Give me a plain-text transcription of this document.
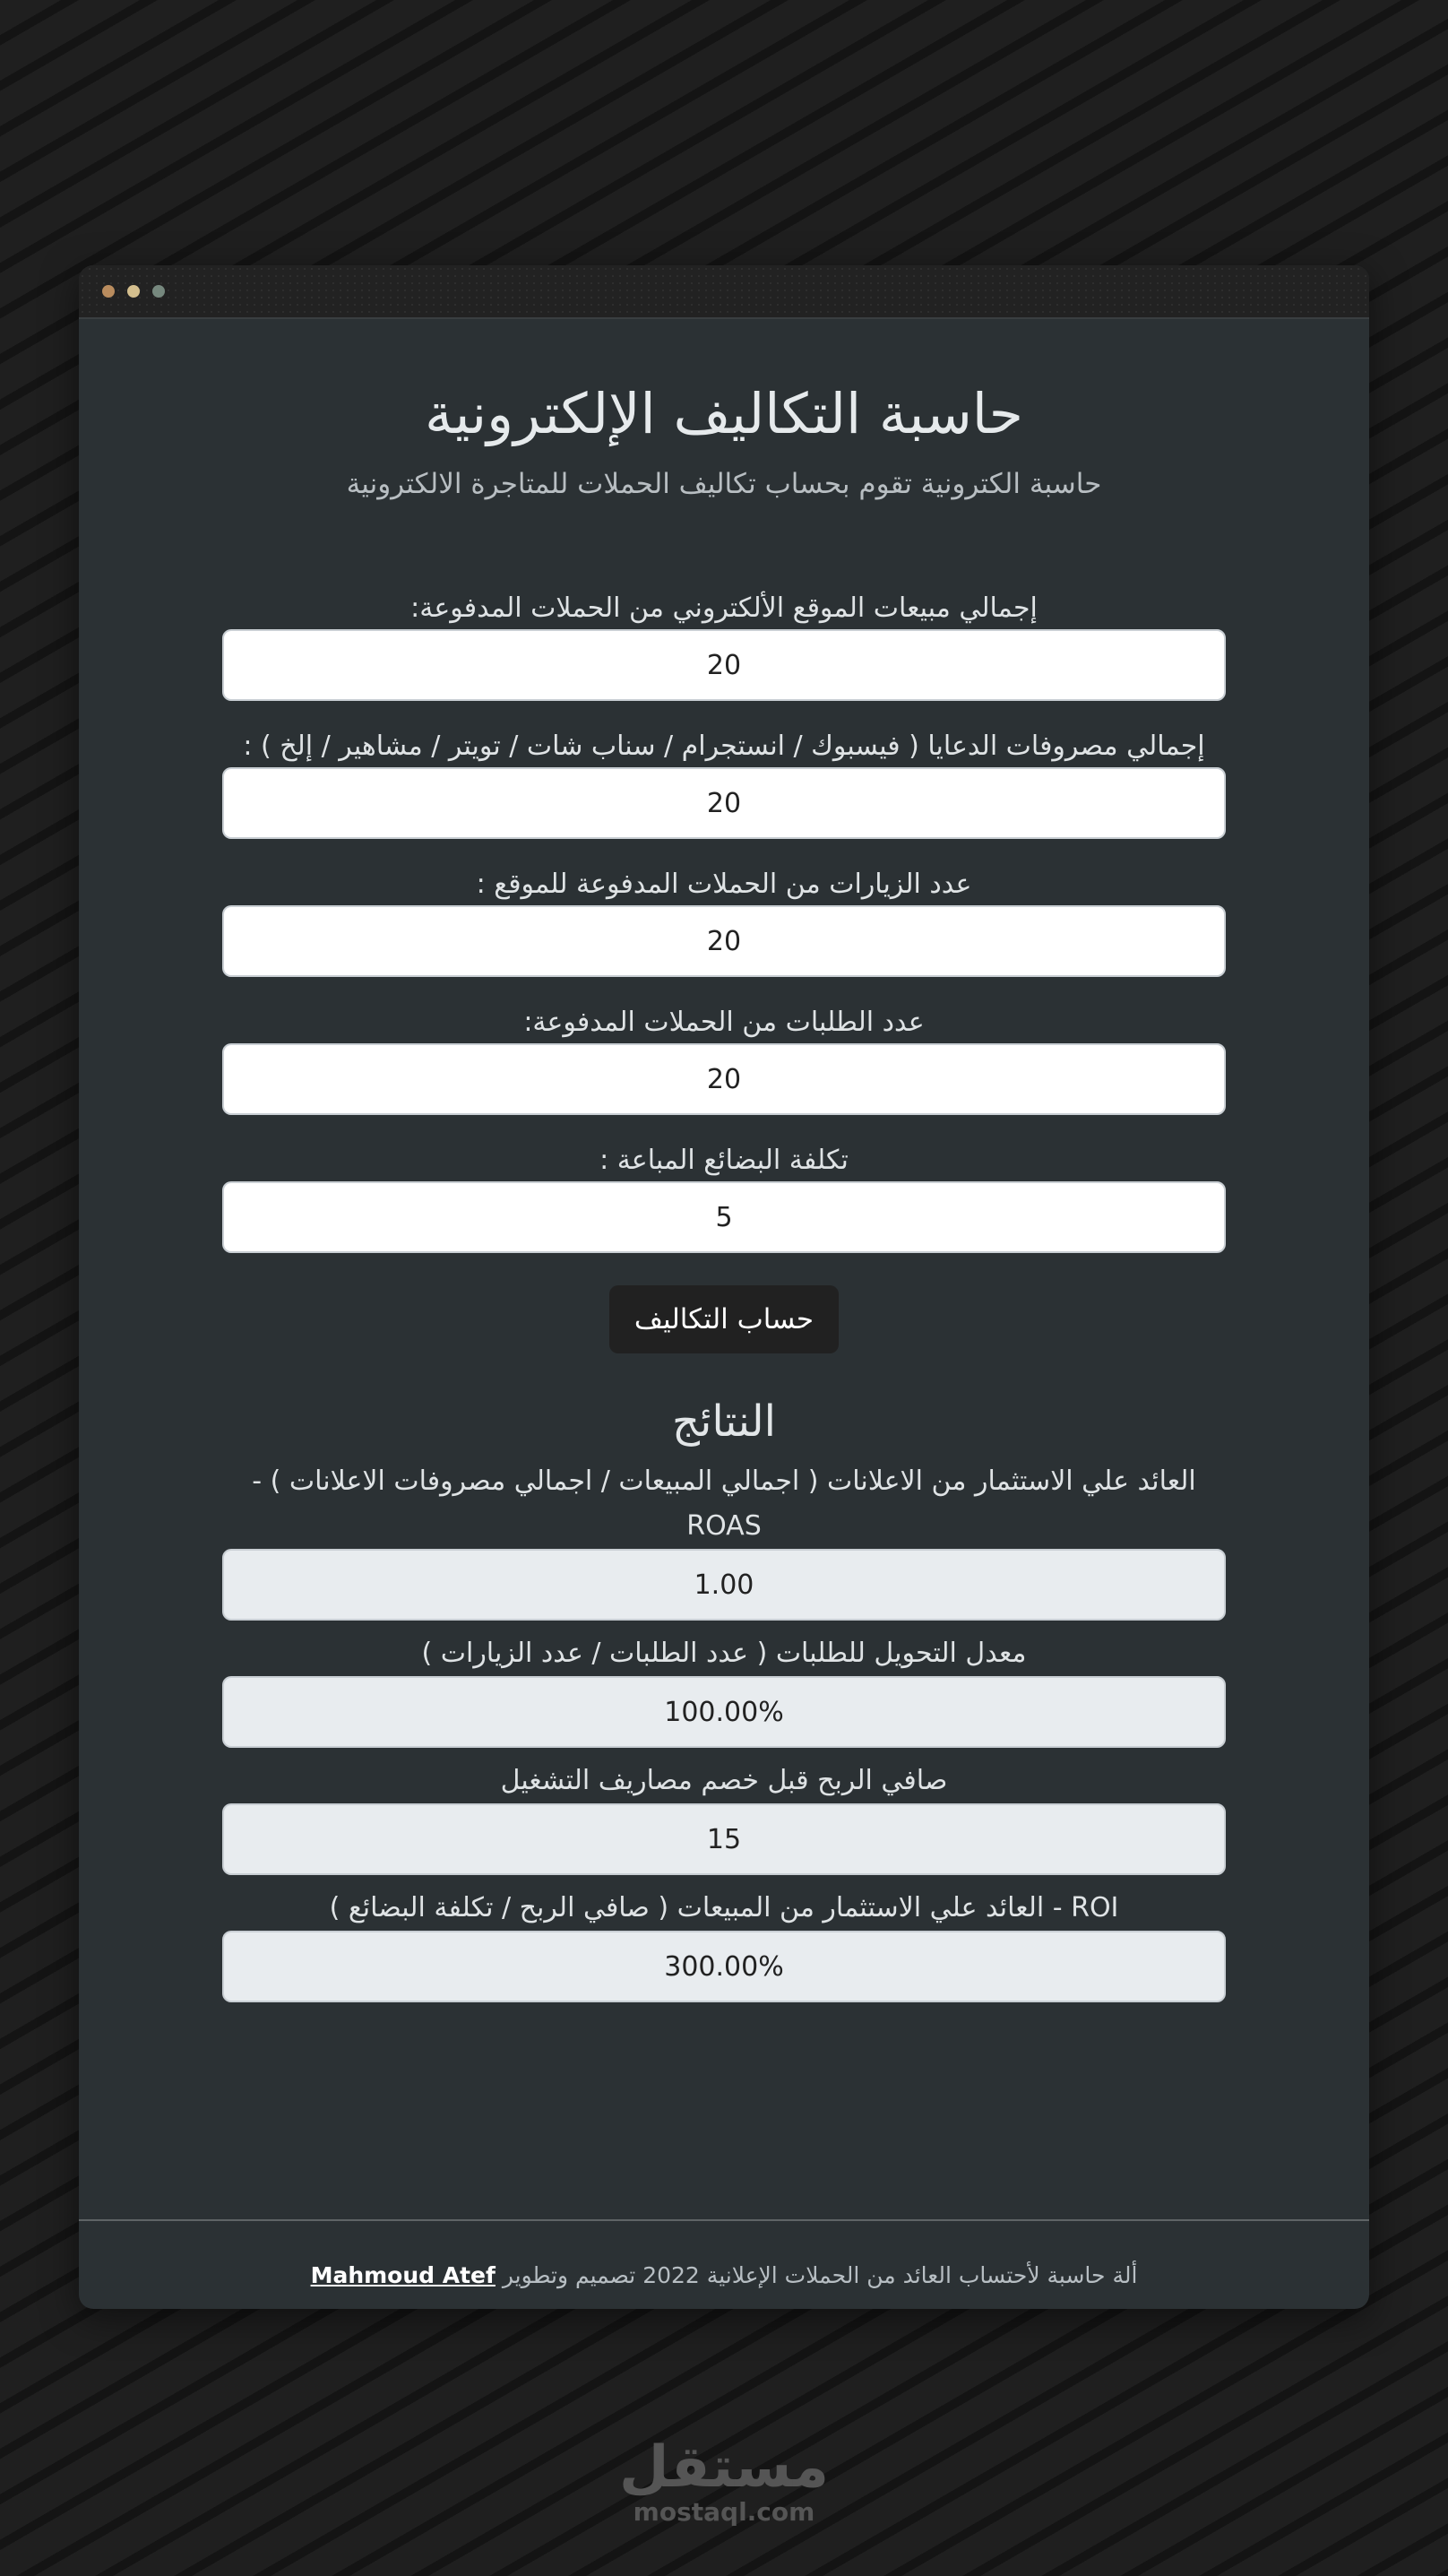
حاسبة التكاليف الإلكترونية

حاسبة الكترونية تقوم بحساب تكاليف الحملات للمتاجرة الالكترونية

إجمالي مبيعات الموقع الألكتروني من الحملات المدفوعة:
20
إجمالي مصروفات الدعايا ( فيسبوك / انستجرام / سناب شات / تويتر / مشاهير / إلخ ) :
20
عدد الزيارات من الحملات المدفوعة للموقع :
20
عدد الطلبات من الحملات المدفوعة:
20
تكلفة البضائع المباعة :
5
حساب التكاليف
النتائج
العائد علي الاستثمار من الاعلانات ( اجمالي المبيعات / اجمالي مصروفات الاعلانات ) - ROAS
1.00
معدل التحويل للطلبات ( عدد الطلبات / عدد الزيارات )
100.00%
صافي الربح قبل خصم مصاريف التشغيل
15
ROI - العائد علي الاستثمار من المبيعات ( صافي الربح / تكلفة البضائع )
300.00%
ألة حاسبة لأحتساب العائد من الحملات الإعلانية 2022 تصميم وتطوير Mahmoud Atef
مستقل
mostaql.com
